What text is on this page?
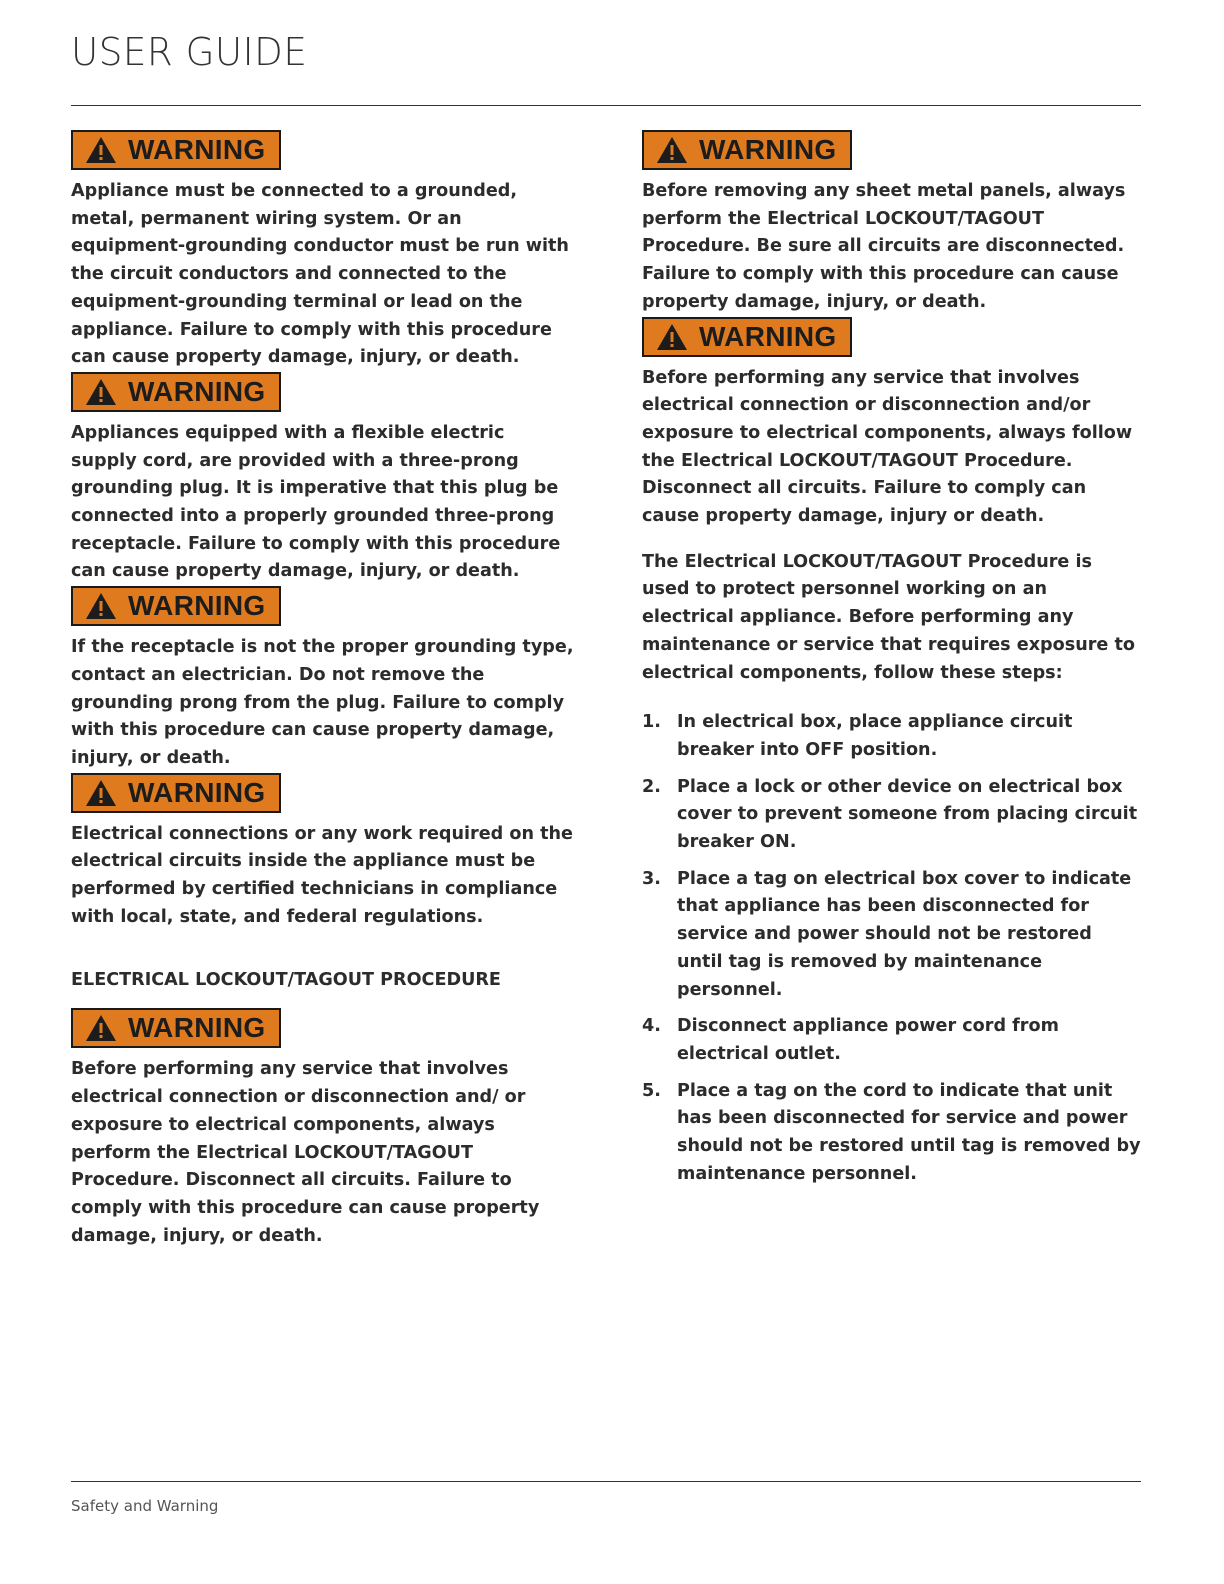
USER GUIDE
WARNING

Appliance must be connected to a grounded, metal, permanent wiring system. Or an equipment-grounding conductor must be run with the circuit conductors and connected to the equipment-grounding terminal or lead on the appliance. Failure to comply with this procedure can cause property damage, injury, or death.

WARNING

Appliances equipped with a flexible electric supply cord, are provided with a three-prong grounding plug. It is imperative that this plug be connected into a properly grounded three-prong receptacle. Failure to comply with this procedure can cause property damage, injury, or death.

WARNING

If the receptacle is not the proper grounding type, contact an electrician. Do not remove the grounding prong from the plug. Failure to comply with this procedure can cause property damage, injury, or death.

WARNING

Electrical connections or any work required on the electrical circuits inside the appliance must be performed by certified technicians in compliance with local, state, and federal regulations.

ELECTRICAL LOCKOUT/TAGOUT PROCEDURE
WARNING

Before performing any service that involves electrical connection or disconnection and/ or exposure to electrical components, always perform the Electrical LOCKOUT/TAGOUT Procedure. Disconnect all circuits. Failure to comply with this procedure can cause property damage, injury, or death.

WARNING

Before removing any sheet metal panels, always perform the Electrical LOCKOUT/TAGOUT Procedure. Be sure all circuits are disconnected. Failure to comply with this procedure can cause property damage, injury, or death.

WARNING

Before performing any service that involves electrical connection or disconnection and/or exposure to electrical components, always follow the Electrical LOCKOUT/TAGOUT Procedure. Disconnect all circuits. Failure to comply can cause property damage, injury or death.

The Electrical LOCKOUT/TAGOUT Procedure is used to protect personnel working on an electrical appliance. Before performing any maintenance or service that requires exposure to electrical components, follow these steps:

1. In electrical box, place appliance circuit breaker into OFF position.
2. Place a lock or other device on electrical box cover to prevent someone from placing circuit breaker ON.
3. Place a tag on electrical box cover to indicate that appliance has been disconnected for service and power should not be restored until tag is removed by maintenance personnel.
4. Disconnect appliance power cord from electrical outlet.
5. Place a tag on the cord to indicate that unit has been disconnected for service and power should not be restored until tag is removed by maintenance personnel.
Safety and Warning
